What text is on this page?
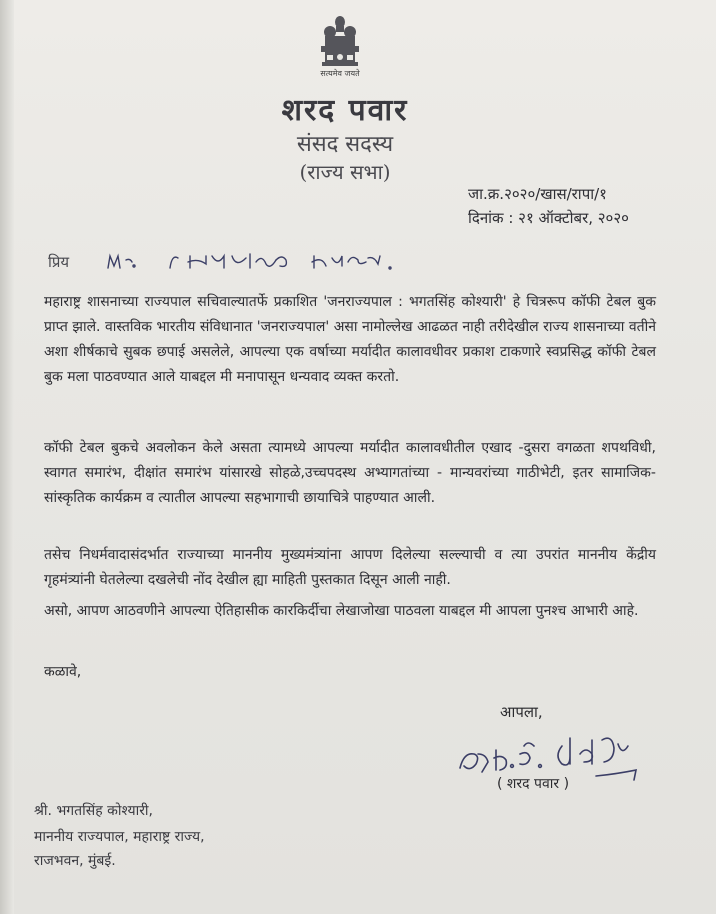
सत्यमेव जयते
शरद पवार
संसद सदस्य
(राज्य सभा)
जा.क्र.२०२०/खास/रापा/१
दिनांक : २१ ऑक्टोबर, २०२०
प्रिय
महाराष्ट्र शासनाच्या राज्यपाल सचिवाल्यातर्फे प्रकाशित 'जनराज्यपाल : भगतसिंह कोश्यारी' हे चित्ररूप कॉफी टेबल बुक प्राप्त झाले. वास्तविक भारतीय संविधानात 'जनराज्यपाल' असा नामोल्लेख आढळत नाही तरीदेखील राज्य शासनाच्या वतीने अशा शीर्षकाचे सुबक छपाई असलेले, आपल्या एक वर्षाच्या मर्यादीत कालावधीवर प्रकाश टाकणारे स्वप्रसिद्ध कॉफी टेबल बुक मला पाठवण्यात आले याबद्दल मी मनापासून धन्यवाद व्यक्त करतो.
कॉफी टेबल बुकचे अवलोकन केले असता त्यामध्ये आपल्या मर्यादीत कालावधीतील एखाद -दुसरा वगळता शपथविधी, स्वागत समारंभ, दीक्षांत समारंभ यांसारखे सोहळे,उच्चपदस्थ अभ्यागतांच्या - मान्यवरांच्या गाठीभेटी, इतर सामाजिक-सांस्कृतिक कार्यक्रम व त्यातील आपल्या सहभागाची छायाचित्रे पाहण्यात आली.
तसेच निधर्मवादासंदर्भात राज्याच्या माननीय मुख्यमंत्र्यांना आपण दिलेल्या सल्ल्याची व त्या उपरांत माननीय केंद्रीय गृहमंत्र्यांनी घेतलेल्या दखलेची नोंद देखील ह्या माहिती पुस्तकात दिसून आली नाही.
असो, आपण आठवणीने आपल्या ऐतिहासीक कारकिर्दीचा लेखाजोखा पाठवला याबद्दल मी आपला पुनश्च आभारी आहे.
कळावे,
आपला,
( शरद पवार )
श्री. भगतसिंह कोश्यारी,
माननीय राज्यपाल, महाराष्ट्र राज्य,
राजभवन, मुंबई.
